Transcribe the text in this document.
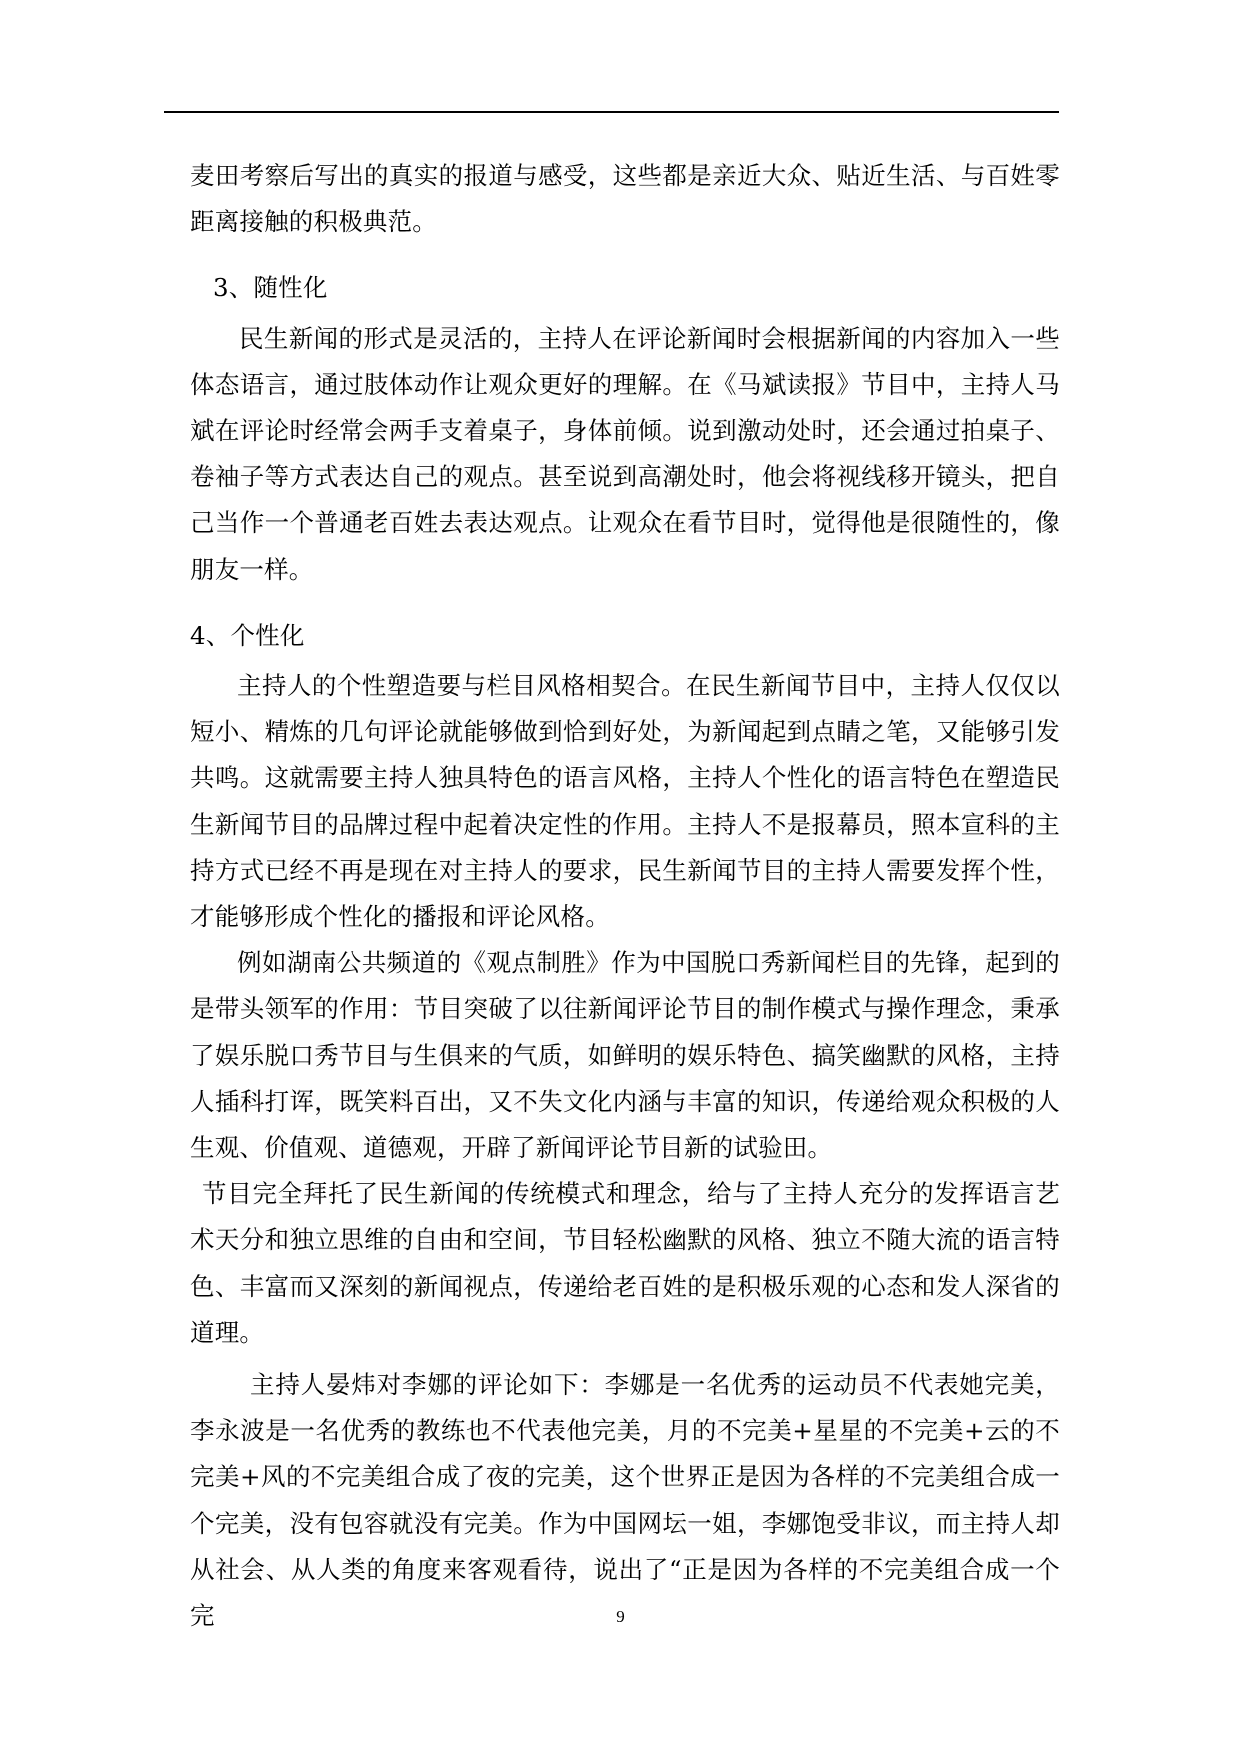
麦田考察后写出的真实的报道与感受，这些都是亲近大众、贴近生活、与百姓零距离接触的积极典范。

3、随性化

民生新闻的形式是灵活的，主持人在评论新闻时会根据新闻的内容加入一些体态语言，通过肢体动作让观众更好的理解。在《马斌读报》节目中，主持人马斌在评论时经常会两手支着桌子，身体前倾。说到激动处时，还会通过拍桌子、卷袖子等方式表达自己的观点。甚至说到高潮处时，他会将视线移开镜头，把自己当作一个普通老百姓去表达观点。让观众在看节目时，觉得他是很随性的，像朋友一样。

4、个性化

主持人的个性塑造要与栏目风格相契合。在民生新闻节目中，主持人仅仅以短小、精炼的几句评论就能够做到恰到好处，为新闻起到点睛之笔，又能够引发共鸣。这就需要主持人独具特色的语言风格，主持人个性化的语言特色在塑造民生新闻节目的品牌过程中起着决定性的作用。主持人不是报幕员，照本宣科的主持方式已经不再是现在对主持人的要求，民生新闻节目的主持人需要发挥个性，才能够形成个性化的播报和评论风格。

例如湖南公共频道的《观点制胜》作为中国脱口秀新闻栏目的先锋，起到的是带头领军的作用：节目突破了以往新闻评论节目的制作模式与操作理念，秉承了娱乐脱口秀节目与生俱来的气质，如鲜明的娱乐特色、搞笑幽默的风格，主持人插科打诨，既笑料百出，又不失文化内涵与丰富的知识，传递给观众积极的人生观、价值观、道德观，开辟了新闻评论节目新的试验田。

节目完全拜托了民生新闻的传统模式和理念，给与了主持人充分的发挥语言艺术天分和独立思维的自由和空间，节目轻松幽默的风格、独立不随大流的语言特色、丰富而又深刻的新闻视点，传递给老百姓的是积极乐观的心态和发人深省的道理。

主持人晏炜对李娜的评论如下：李娜是一名优秀的运动员不代表她完美，李永波是一名优秀的教练也不代表他完美，月的不完美+星星的不完美+云的不完美+风的不完美组合成了夜的完美，这个世界正是因为各样的不完美组合成一个完美，没有包容就没有完美。作为中国网坛一姐，李娜饱受非议，而主持人却从社会、从人类的角度来客观看待，说出了“正是因为各样的不完美组合成一个完	9
